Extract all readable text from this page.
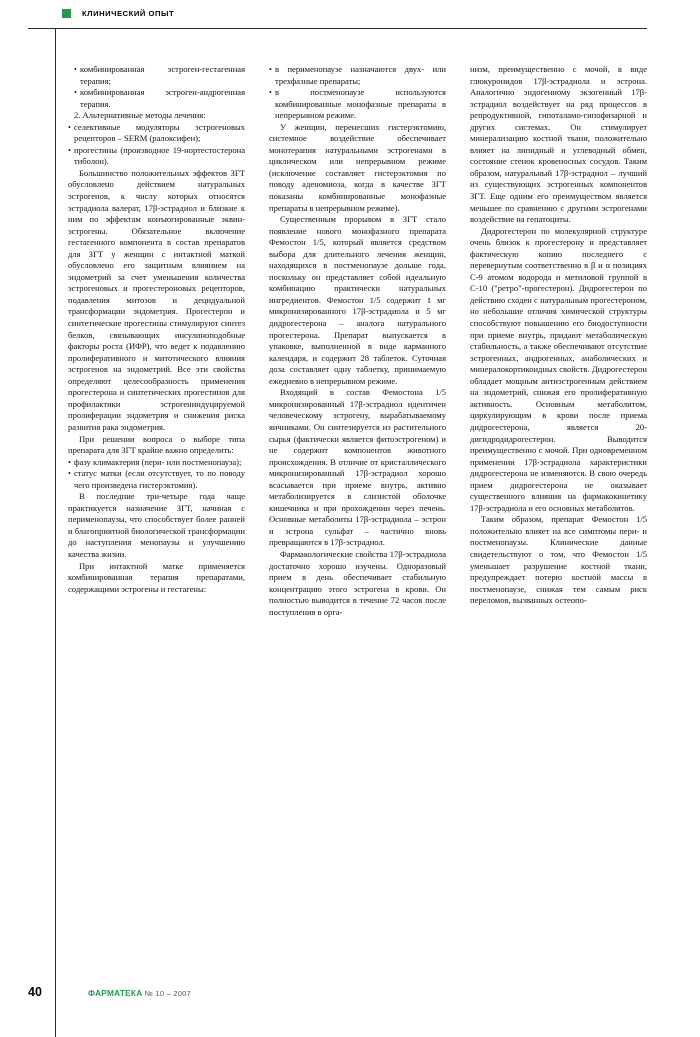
КЛИНИЧЕСКИЙ ОПЫТ

• комбинированная эстроген-гестагенная терапия;

• комбинированная эстроген-андрогенная терапия.

2. Альтернативные методы лечения:

• селективные модуляторы эстрогеновых рецепторов – SERM (ралоксифен);

• прогестины (производное 19-нортестостерона тиболон).

Большинство положительных эффектов ЗГТ обусловлено действием натуральных эстрогенов, к числу которых относятся эстрадиола валерат, 17β-эстрадиол и близкие к ним по эффектам конъюгированные эквин-эстрогены. Обязательное включение гестагенного компонента в состав препаратов для ЗГТ у женщин с интактной маткой обусловлено его защитным влиянием на эндометрий за счет уменьшения количества эстрогеновых и прогестероновых рецепторов, подавления митозов и децидуальной трансформации эндометрия. Прогестерон и синтетические прогестины стимулируют синтез белков, связывающих инсулиноподобные факторы роста (ИФР), что ведет к подавлению пролиферативного и митотического влияния эстрогенов на эндометрий. Все эти свойства определяют целесообразность применения прогестерона и синтетических прогестинов для профилактики эстрогениндуцируемой пролиферации эндометрия и снижения риска развития рака эндометрия.

При решении вопроса о выборе типа препарата для ЗГТ крайне важно определить:

• фазу климактерия (пери- или постменопауза);

• статус матки (если отсутствует, то по поводу чего произведена гистерэктомия).

В последние три-четыре года чаще практикуется назначение ЗГТ, начиная с перименопаузы, что способствует более ранней и благоприятной биологической трансформации до наступления менопаузы и улучшению качества жизни.

При интактной матке применяется комбинированная терапия препаратами, содержащими эстрогены и гестагены:

• в перименопаузе назначаются двух- или трехфазные препараты;

• в постменопаузе используются комбинированные монофазные препараты в непрерывном режиме.

У женщин, перенесших гистерэктомию, системное воздействие обеспечивает монотерапия натуральными эстрогенами в циклическом или непрерывном режиме (исключение составляет гистерэктомия по поводу аденомиоза, когда в качестве ЗГТ показаны комбинированные монофазные препараты в непрерывном режиме).

Существенным прорывом в ЗГТ стало появление нового монофазного препарата Фемостон 1/5, который является средством выбора для длительного лечения женщин, находящихся в постменопаузе дольше года, поскольку он представляет собой идеальную комбинацию практически натуральных ингредиентов. Фемостон 1/5 содержит 1 мг микронизированного 17β-эстрадиола и 5 мг дидрогестерона – аналога натурального прогестерона. Препарат выпускается в упаковке, выполненной в виде карманного календаря, и содержит 28 таблеток. Суточная доза составляет одну таблетку, принимаемую ежедневно в непрерывном режиме.

Входящий в состав Фемостона 1/5 микронизированный 17β-эстрадиол идентичен человеческому эстрогену, вырабатываемому яичниками. Он синтезируется из растительного сырья (фактически является фитоэстрогеном) и не содержит компонентов животного происхождения. В отличие от кристаллического микронизированный 17β-эстрадиол хорошо всасывается при приеме внутрь, активно метаболизируется в слизистой оболочке кишечника и при прохождении через печень. Основные метаболиты 17β-эстрадиола – эстрон и эстрона сульфат – частично вновь превращаются в 17β-эстрадиол.

Фармакологические свойства 17β-эстрадиола достаточно хорошо изучены. Одноразовый прием в день обеспечивает стабильную концентрацию этого эстрогена в крови. Он полностью выводится в течение 72 часов после поступления в орга-

низм, преимущественно с мочой, в виде глюкуронидов 17β-эстрадиола и эстрона. Аналогично эндогенному экзогенный 17β-эстрадиол воздействует на ряд процессов в репродуктивной, гипоталамо-гипофизарной и других системах. Он стимулирует минерализацию костной ткани, положительно влияет на липидный и углеводный обмен, состояние стенок кровеносных сосудов. Таким образом, натуральный 17β-эстрадиол – лучший из существующих эстрогенных компонентов ЗГТ. Еще одним его преимуществом является меньшее по сравнению с другими эстрогенами воздействие на гепатоциты.

Дидрогестерон по молекулярной структуре очень близок к прогестерону и представляет фактическую копию последнего с перевернутым соответственно в β и α позициях С-9 атомом водорода и метиловой группой в С-10 ("ретро"-прогестерон). Дидрогестерон по действию сходен с натуральным прогестероном, но небольшие отличия химической структуры способствуют повышению его биодоступности при приеме внутрь, придают метаболическую стабильность, а также обеспечивают отсутствие эстрогенных, андрогенных, анаболических и минералокортикоидных свойств. Дидрогестерон обладает мощным антиэстрогенным действием на эндометрий, снижая его пролиферативную активность. Основным метаболитом, циркулирующим в крови после приема дидрогестерона, является 20-дигидродидрогестерон. Выводится преимущественно с мочой. При одновременном применении 17β-эстрадиола характеристики дидрогестерона не изменяются. В свою очередь прием дидрогестерона не оказывает существенного влияния на фармакокинетику 17β-эстрадиола и его основных метаболитов.

Таким образом, препарат Фемостон 1/5 положительно влияет на все симптомы пери- и постменопаузы. Клинические данные свидетельствуют о том, что Фемостон 1/5 уменьшает разрушение костной ткани, предупреждает потерю костной массы в постменопаузе, снижая тем самым риск переломов, вызванных остеопо-

40	ФАРМАТЕКА № 10 – 2007
